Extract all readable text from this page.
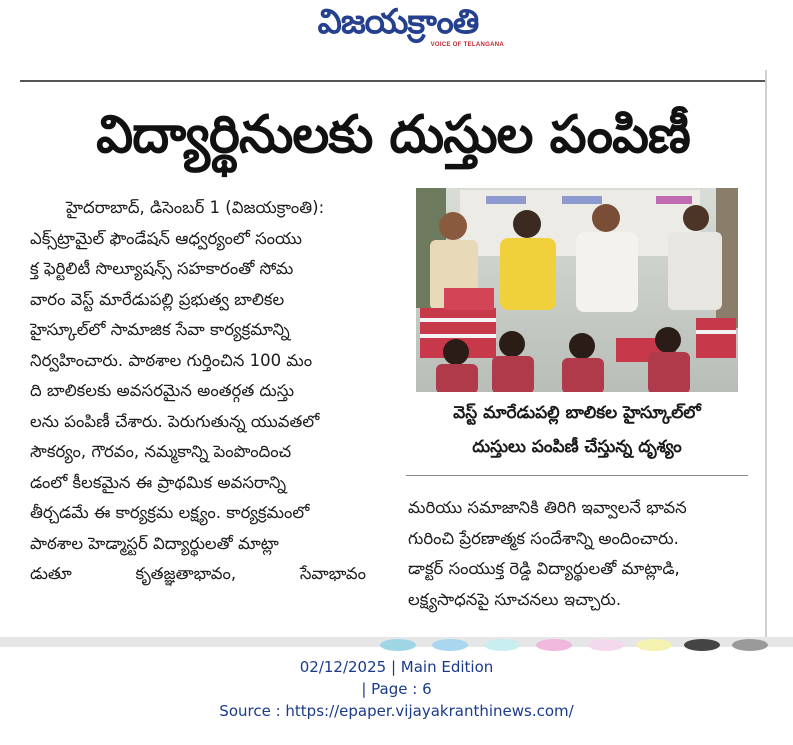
విజయక్రాంతి
VOICE OF TELANGANA
విద్యార్థినులకు దుస్తుల పంపిణీ

హైదరాబాద్, డిసెంబర్ 1 (విజయక్రాంతి):

ఎక్స్‌ట్రామైల్ ఫౌండేషన్ ఆధ్వర్యంలో సంయు

క్త ఫెర్టిలిటీ సొల్యూషన్స్ సహకారంతో సోమ

వారం వెస్ట్ మారేడుపల్లి ప్రభుత్వ బాలికల

హైస్కూల్‌లో సామాజిక సేవా కార్యక్రమాన్ని

నిర్వహించారు. పాఠశాల గుర్తించిన 100 మం

ది బాలికలకు అవసరమైన అంతర్గత దుస్తు

లను పంపిణీ చేశారు. పెరుగుతున్న యువతలో

సౌకర్యం, గౌరవం, నమ్మకాన్ని పెంపొందించ

డంలో కీలకమైన ఈ ప్రాథమిక అవసరాన్ని

తీర్చడమే ఈ కార్యక్రమ లక్ష్యం. కార్యక్రమంలో

పాఠశాల హెడ్మాస్టర్ విద్యార్థులతో మాట్లా

డుతూ	కృతజ్ఞతాభావం,	సేవాభావం

వెస్ట్ మారేడుపల్లి బాలికల హైస్కూల్‌లో

దుస్తులు పంపిణీ చేస్తున్న దృశ్యం

మరియు సమాజానికి తిరిగి ఇవ్వాలనే భావన

గురించి ప్రేరణాత్మక సందేశాన్ని అందించారు.

డాక్టర్ సంయుక్త రెడ్డి విద్యార్థులతో మాట్లాడి,

లక్ష్యసాధనపై సూచనలు ఇచ్చారు.

02/12/2025 | Main Edition
| Page : 6
Source : https://epaper.vijayakranthinews.com/
